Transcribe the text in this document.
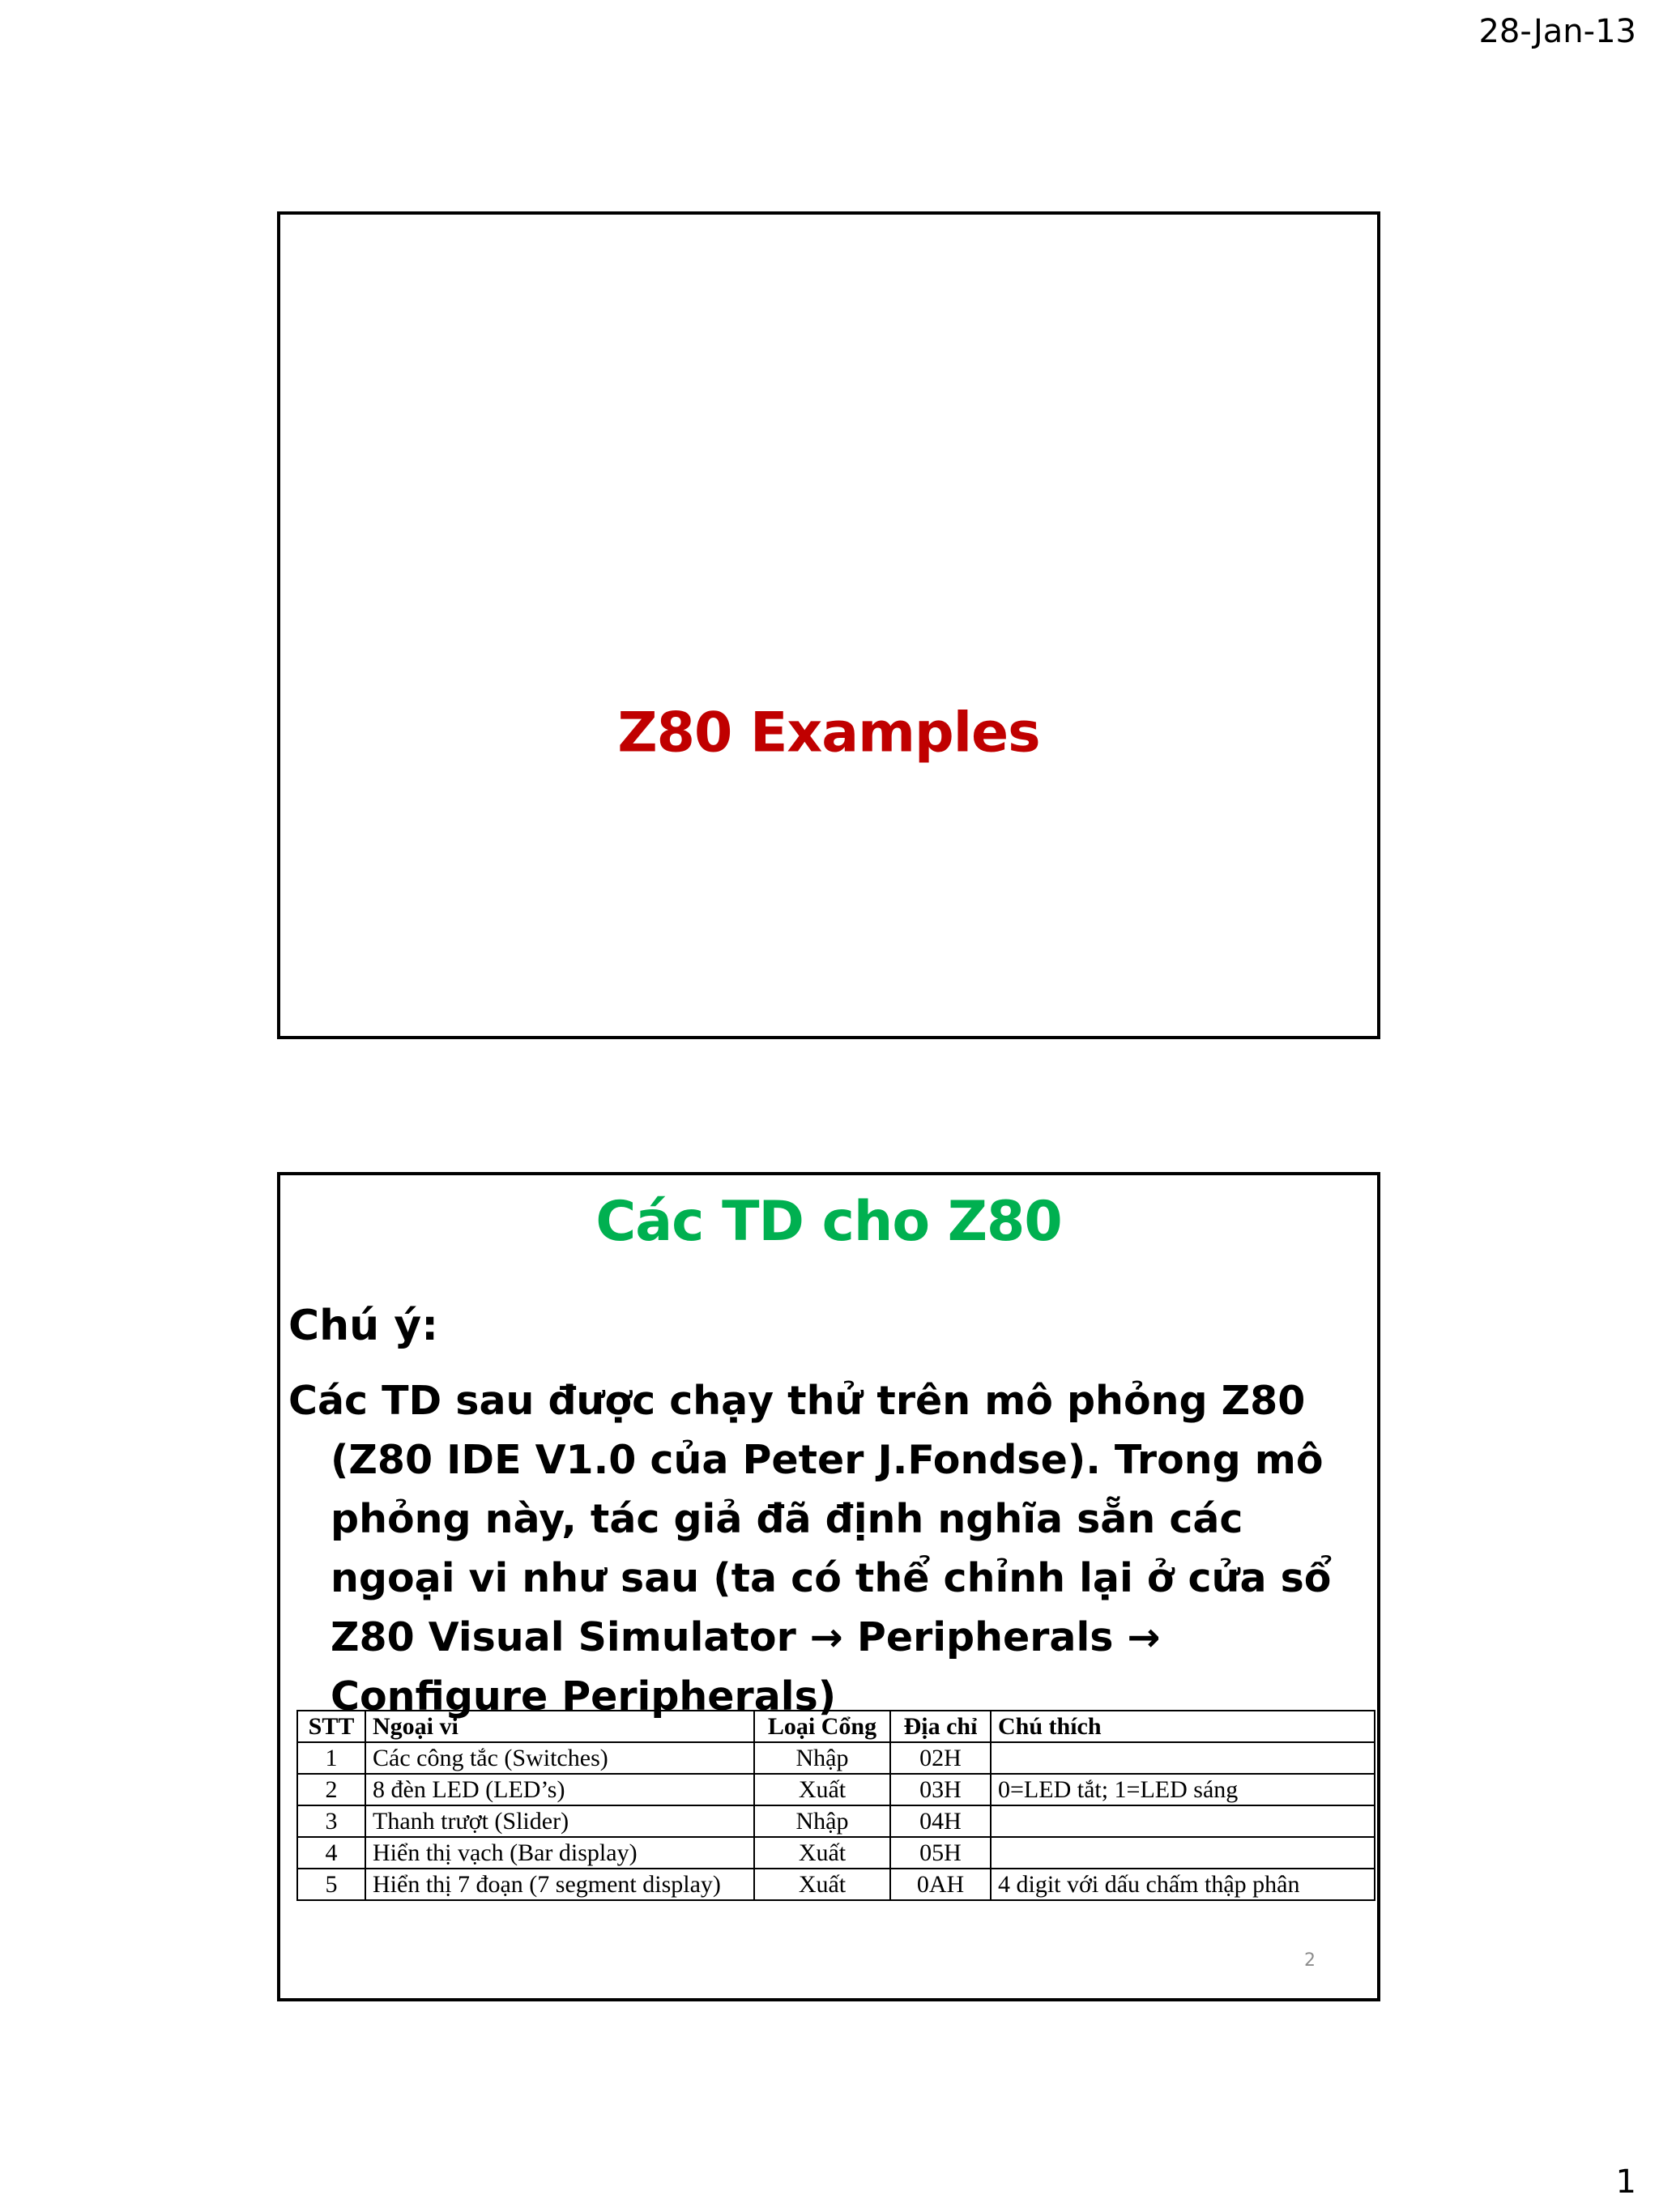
28-Jan-13
Z80 Examples
Các TD cho Z80
Chú ý:
Các TD sau được chạy thử trên mô phỏng Z80 (Z80 IDE V1.0 của Peter J.Fondse). Trong mô phỏng này, tác giả đã định nghĩa sẵn các ngoại vi như sau (ta có thể chỉnh lại ở cửa sổ Z80 Visual Simulator → Peripherals → Configure Peripherals)
STT	Ngoại vi	Loại Cổng	Địa chỉ	Chú thích
1	Các công tắc (Switches)	Nhập	02H	
2	8 đèn LED (LED’s)	Xuất	03H	0=LED tắt; 1=LED sáng
3	Thanh trượt (Slider)	Nhập	04H	
4	Hiển thị vạch (Bar display)	Xuất	05H	
5	Hiển thị 7 đoạn (7 segment display)	Xuất	0AH	4 digit với dấu chấm thập phân
2
1
